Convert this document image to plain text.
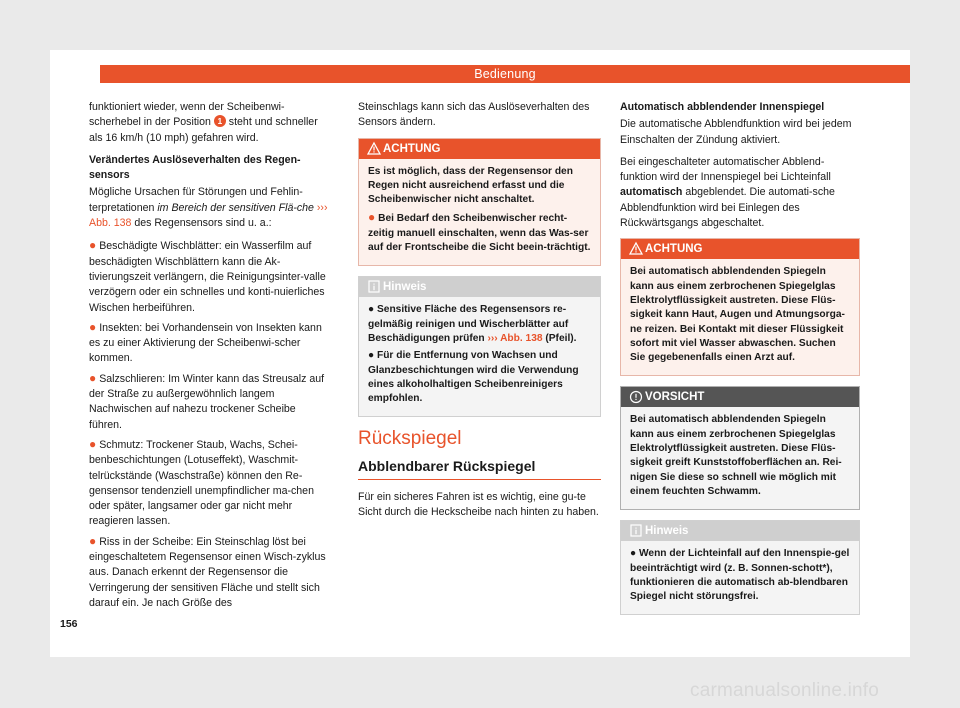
Bedienung

funktioniert wieder, wenn der Scheibenwi-scherhebel in der Position 1 steht und schneller als 16 km/h (10 mph) gefahren wird.

Verändertes Auslöseverhalten des Regen-sensors

Mögliche Ursachen für Störungen und Fehlin-terpretationen im Bereich der sensitiven Flä-che ››› Abb. 138 des Regensensors sind u. a.:

● Beschädigte Wischblätter: ein Wasserfilm auf beschädigten Wischblättern kann die Ak-tivierungszeit verlängern, die Reinigungsinter-valle verzögern oder ein schnelles und konti-nuierliches Wischen herbeiführen.

● Insekten: bei Vorhandensein von Insekten kann es zu einer Aktivierung der Scheibenwi-scher kommen.

● Salzschlieren: Im Winter kann das Streusalz auf der Straße zu außergewöhnlich langem Nachwischen auf nahezu trockener Scheibe führen.

● Schmutz: Trockener Staub, Wachs, Schei-benbeschichtungen (Lotuseffekt), Waschmit-telrückstände (Waschstraße) können den Re-gensensor tendenziell unempfindlicher ma-chen oder später, langsamer oder gar nicht mehr reagieren lassen.

● Riss in der Scheibe: Ein Steinschlag löst bei eingeschaltetem Regensensor einen Wisch-zyklus aus. Danach erkennt der Regensensor die Verringerung der sensitiven Fläche und stellt sich darauf ein. Je nach Größe des

156

Steinschlags kann sich das Auslöseverhalten des Sensors ändern.

ACHTUNG

Es ist möglich, dass der Regensensor den Regen nicht ausreichend erfasst und die Scheibenwischer nicht anschaltet.

● Bei Bedarf den Scheibenwischer recht-zeitig manuell einschalten, wenn das Was-ser auf der Frontscheibe die Sicht beein-trächtigt.

Hinweis

● Sensitive Fläche des Regensensors re-gelmäßig reinigen und Wischerblätter auf Beschädigungen prüfen ››› Abb. 138 (Pfeil).

● Für die Entfernung von Wachsen und Glanzbeschichtungen wird die Verwendung eines alkoholhaltigen Scheibenreinigers empfohlen.

Rückspiegel
Abblendbarer Rückspiegel

Für ein sicheres Fahren ist es wichtig, eine gu-te Sicht durch die Heckscheibe nach hinten zu haben.

Automatisch abblendender Innenspiegel

Die automatische Abblendfunktion wird bei jedem Einschalten der Zündung aktiviert.

Bei eingeschalteter automatischer Abblend-funktion wird der Innenspiegel bei Lichteinfall automatisch abgeblendet. Die automati-sche Abblendfunktion wird bei Einlegen des Rückwärtsgangs abgeschaltet.

ACHTUNG

Bei automatisch abblendenden Spiegeln kann aus einem zerbrochenen Spiegelglas Elektrolytflüssigkeit austreten. Diese Flüs-sigkeit kann Haut, Augen und Atmungsorga-ne reizen. Bei Kontakt mit dieser Flüssigkeit sofort mit viel Wasser abwaschen. Suchen Sie gegebenenfalls einen Arzt auf.

VORSICHT

Bei automatisch abblendenden Spiegeln kann aus einem zerbrochenen Spiegelglas Elektrolytflüssigkeit austreten. Diese Flüs-sigkeit greift Kunststoffoberflächen an. Rei-nigen Sie diese so schnell wie möglich mit einem feuchten Schwamm.

Hinweis

● Wenn der Lichteinfall auf den Innenspie-gel beeinträchtigt wird (z. B. Sonnen-schott*), funktionieren die automatisch ab-blendbaren Spiegel nicht störungsfrei.

carmanualsonline.info
